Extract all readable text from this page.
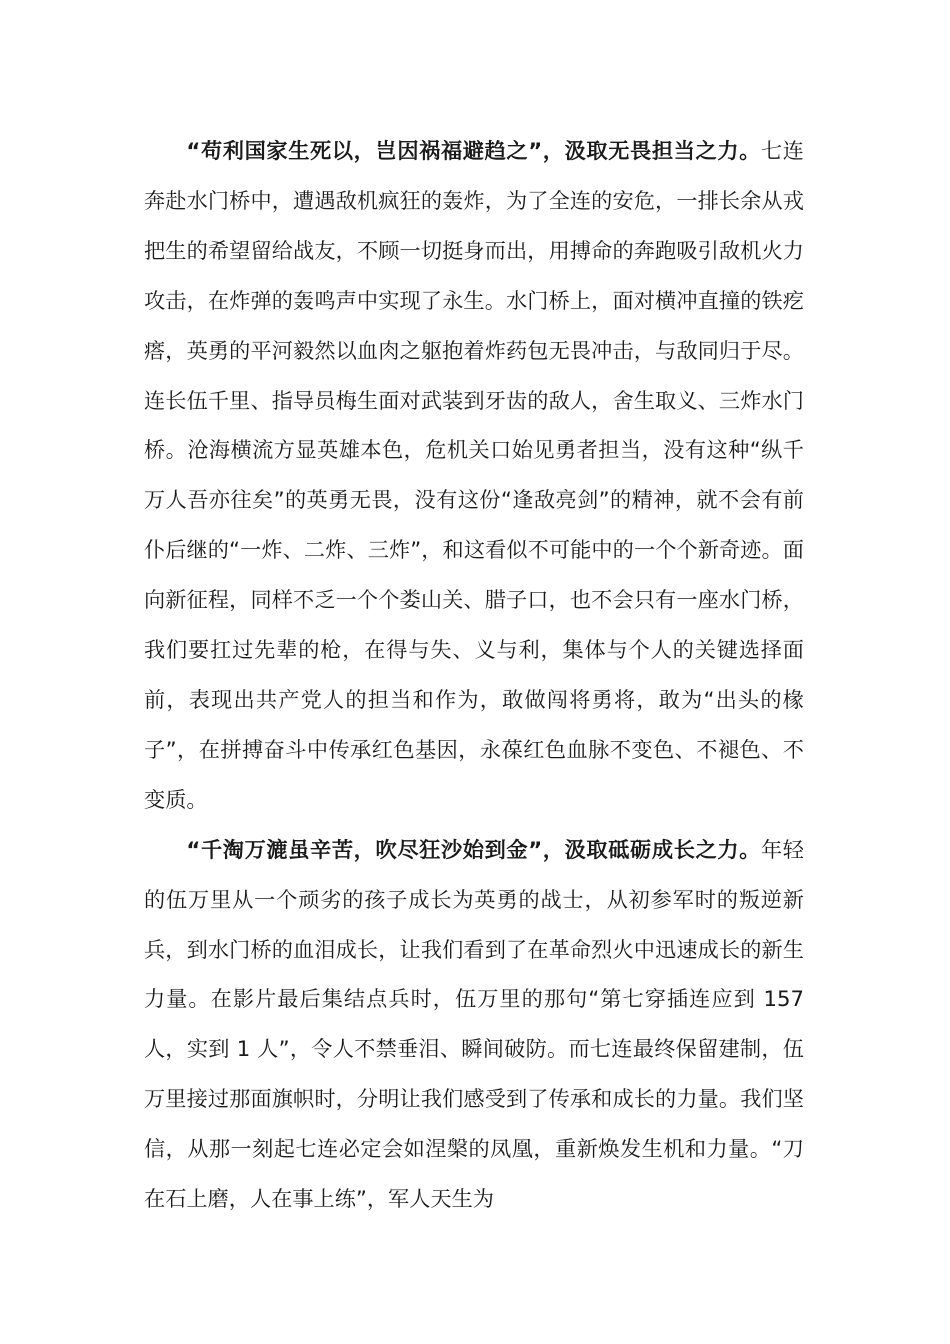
“苟利国家生死以，岂因祸福避趋之”，汲取无畏担当之力。七连奔赴水门桥中，遭遇敌机疯狂的轰炸，为了全连的安危，一排长余从戎把生的希望留给战友，不顾一切挺身而出，用搏命的奔跑吸引敌机火力攻击，在炸弹的轰鸣声中实现了永生。水门桥上，面对横冲直撞的铁疙瘩，英勇的平河毅然以血肉之躯抱着炸药包无畏冲击，与敌同归于尽。连长伍千里、指导员梅生面对武装到牙齿的敌人，舍生取义、三炸水门桥。沧海横流方显英雄本色，危机关口始见勇者担当，没有这种“纵千万人吾亦往矣”的英勇无畏，没有这份“逢敌亮剑”的精神，就不会有前仆后继的“一炸、二炸、三炸”，和这看似不可能中的一个个新奇迹。面向新征程，同样不乏一个个娄山关、腊子口，也不会只有一座水门桥，我们要扛过先辈的枪，在得与失、义与利，集体与个人的关键选择面前，表现出共产党人的担当和作为，敢做闯将勇将，敢为“出头的椽子”，在拼搏奋斗中传承红色基因，永葆红色血脉不变色、不褪色、不变质。

“千淘万漉虽辛苦，吹尽狂沙始到金”，汲取砥砺成长之力。年轻的伍万里从一个顽劣的孩子成长为英勇的战士，从初参军时的叛逆新兵，到水门桥的血泪成长，让我们看到了在革命烈火中迅速成长的新生力量。在影片最后集结点兵时，伍万里的那句“第七穿插连应到 157 人，实到 1 人”，令人不禁垂泪、瞬间破防。而七连最终保留建制，伍万里接过那面旗帜时，分明让我们感受到了传承和成长的力量。我们坚信，从那一刻起七连必定会如涅槃的凤凰，重新焕发生机和力量。“刀在石上磨，人在事上练”，军人天生为
